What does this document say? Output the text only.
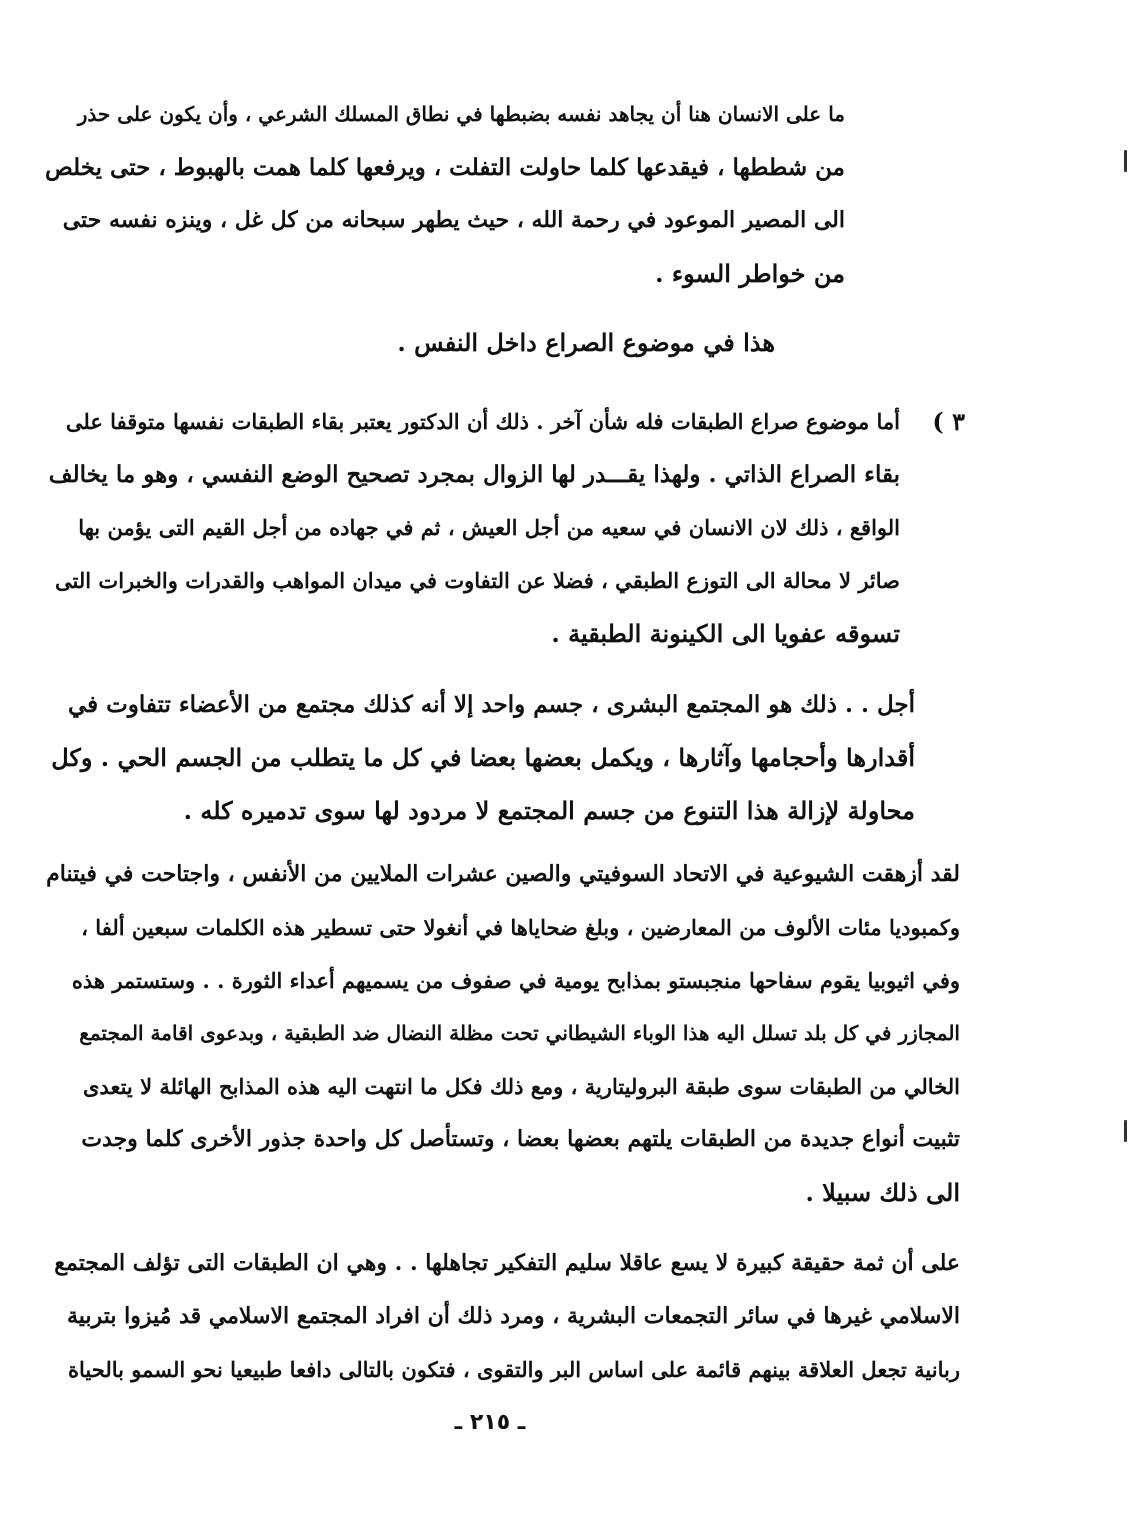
ما على الانسان هنا أن يجاهد نفسه بضبطها في نطاق المسلك الشرعي ، وأن يكون على حذر
من شططها ، فيقدعها كلما حاولت التفلت ، ويرفعها كلما همت بالهبوط ، حتى يخلص
الى المصير الموعود في رحمة الله ، حيث يطهر سبحانه من كل غل ، وينزه نفسه حتى
من خواطر السوء .
هذا في موضوع الصراع داخل النفس .
٣ )
أما موضوع صراع الطبقات فله شأن آخر . ذلك أن الدكتور يعتبر بقاء الطبقات نفسها متوقفا على
بقاء الصراع الذاتي . ولهذا يقـــدر لها الزوال بمجرد تصحيح الوضع النفسي ، وهو ما يخالف
الواقع ، ذلك لان الانسان في سعيه من أجل العيش ، ثم في جهاده من أجل القيم التى يؤمن بها
صائر لا محالة الى التوزع الطبقي ، فضلا عن التفاوت في ميدان المواهب والقدرات والخبرات التى
تسوقه عفويا الى الكينونة الطبقية .
أجل . . ذلك هو المجتمع البشرى ، جسم واحد إلا أنه كذلك مجتمع من الأعضاء تتفاوت في
أقدارها وأحجامها وآثارها ، ويكمل بعضها بعضا في كل ما يتطلب من الجسم الحي . وكل
محاولة لإزالة هذا التنوع من جسم المجتمع لا مردود لها سوى تدميره كله .
لقد أزهقت الشيوعية في الاتحاد السوفيتي والصين عشرات الملايين من الأنفس ، واجتاحت في فيتنام
وكمبوديا مئات الألوف من المعارضين ، وبلغ ضحاياها في أنغولا حتى تسطير هذه الكلمات سبعين ألفا ،
وفي اثيوبيا يقوم سفاحها منجبستو بمذابح يومية في صفوف من يسميهم أعداء الثورة . . وستستمر هذه
المجازر في كل بلد تسلل اليه هذا الوباء الشيطاني تحت مظلة النضال ضد الطبقية ، وبدعوى اقامة المجتمع
الخالي من الطبقات سوى طبقة البروليتارية ، ومع ذلك فكل ما انتهت اليه هذه المذابح الهائلة لا يتعدى
تثبيت أنواع جديدة من الطبقات يلتهم بعضها بعضا ، وتستأصل كل واحدة جذور الأخرى كلما وجدت
الى ذلك سبيلا .
على أن ثمة حقيقة كبيرة لا يسع عاقلا سليم التفكير تجاهلها . . وهي ان الطبقات التى تؤلف المجتمع
الاسلامي غيرها في سائر التجمعات البشرية ، ومرد ذلك أن افراد المجتمع الاسلامي قد مُيزوا بتربية
ربانية تجعل العلاقة بينهم قائمة على اساس البر والتقوى ، فتكون بالتالى دافعا طبيعيا نحو السمو بالحياة
ـ ٢١٥ ـ
